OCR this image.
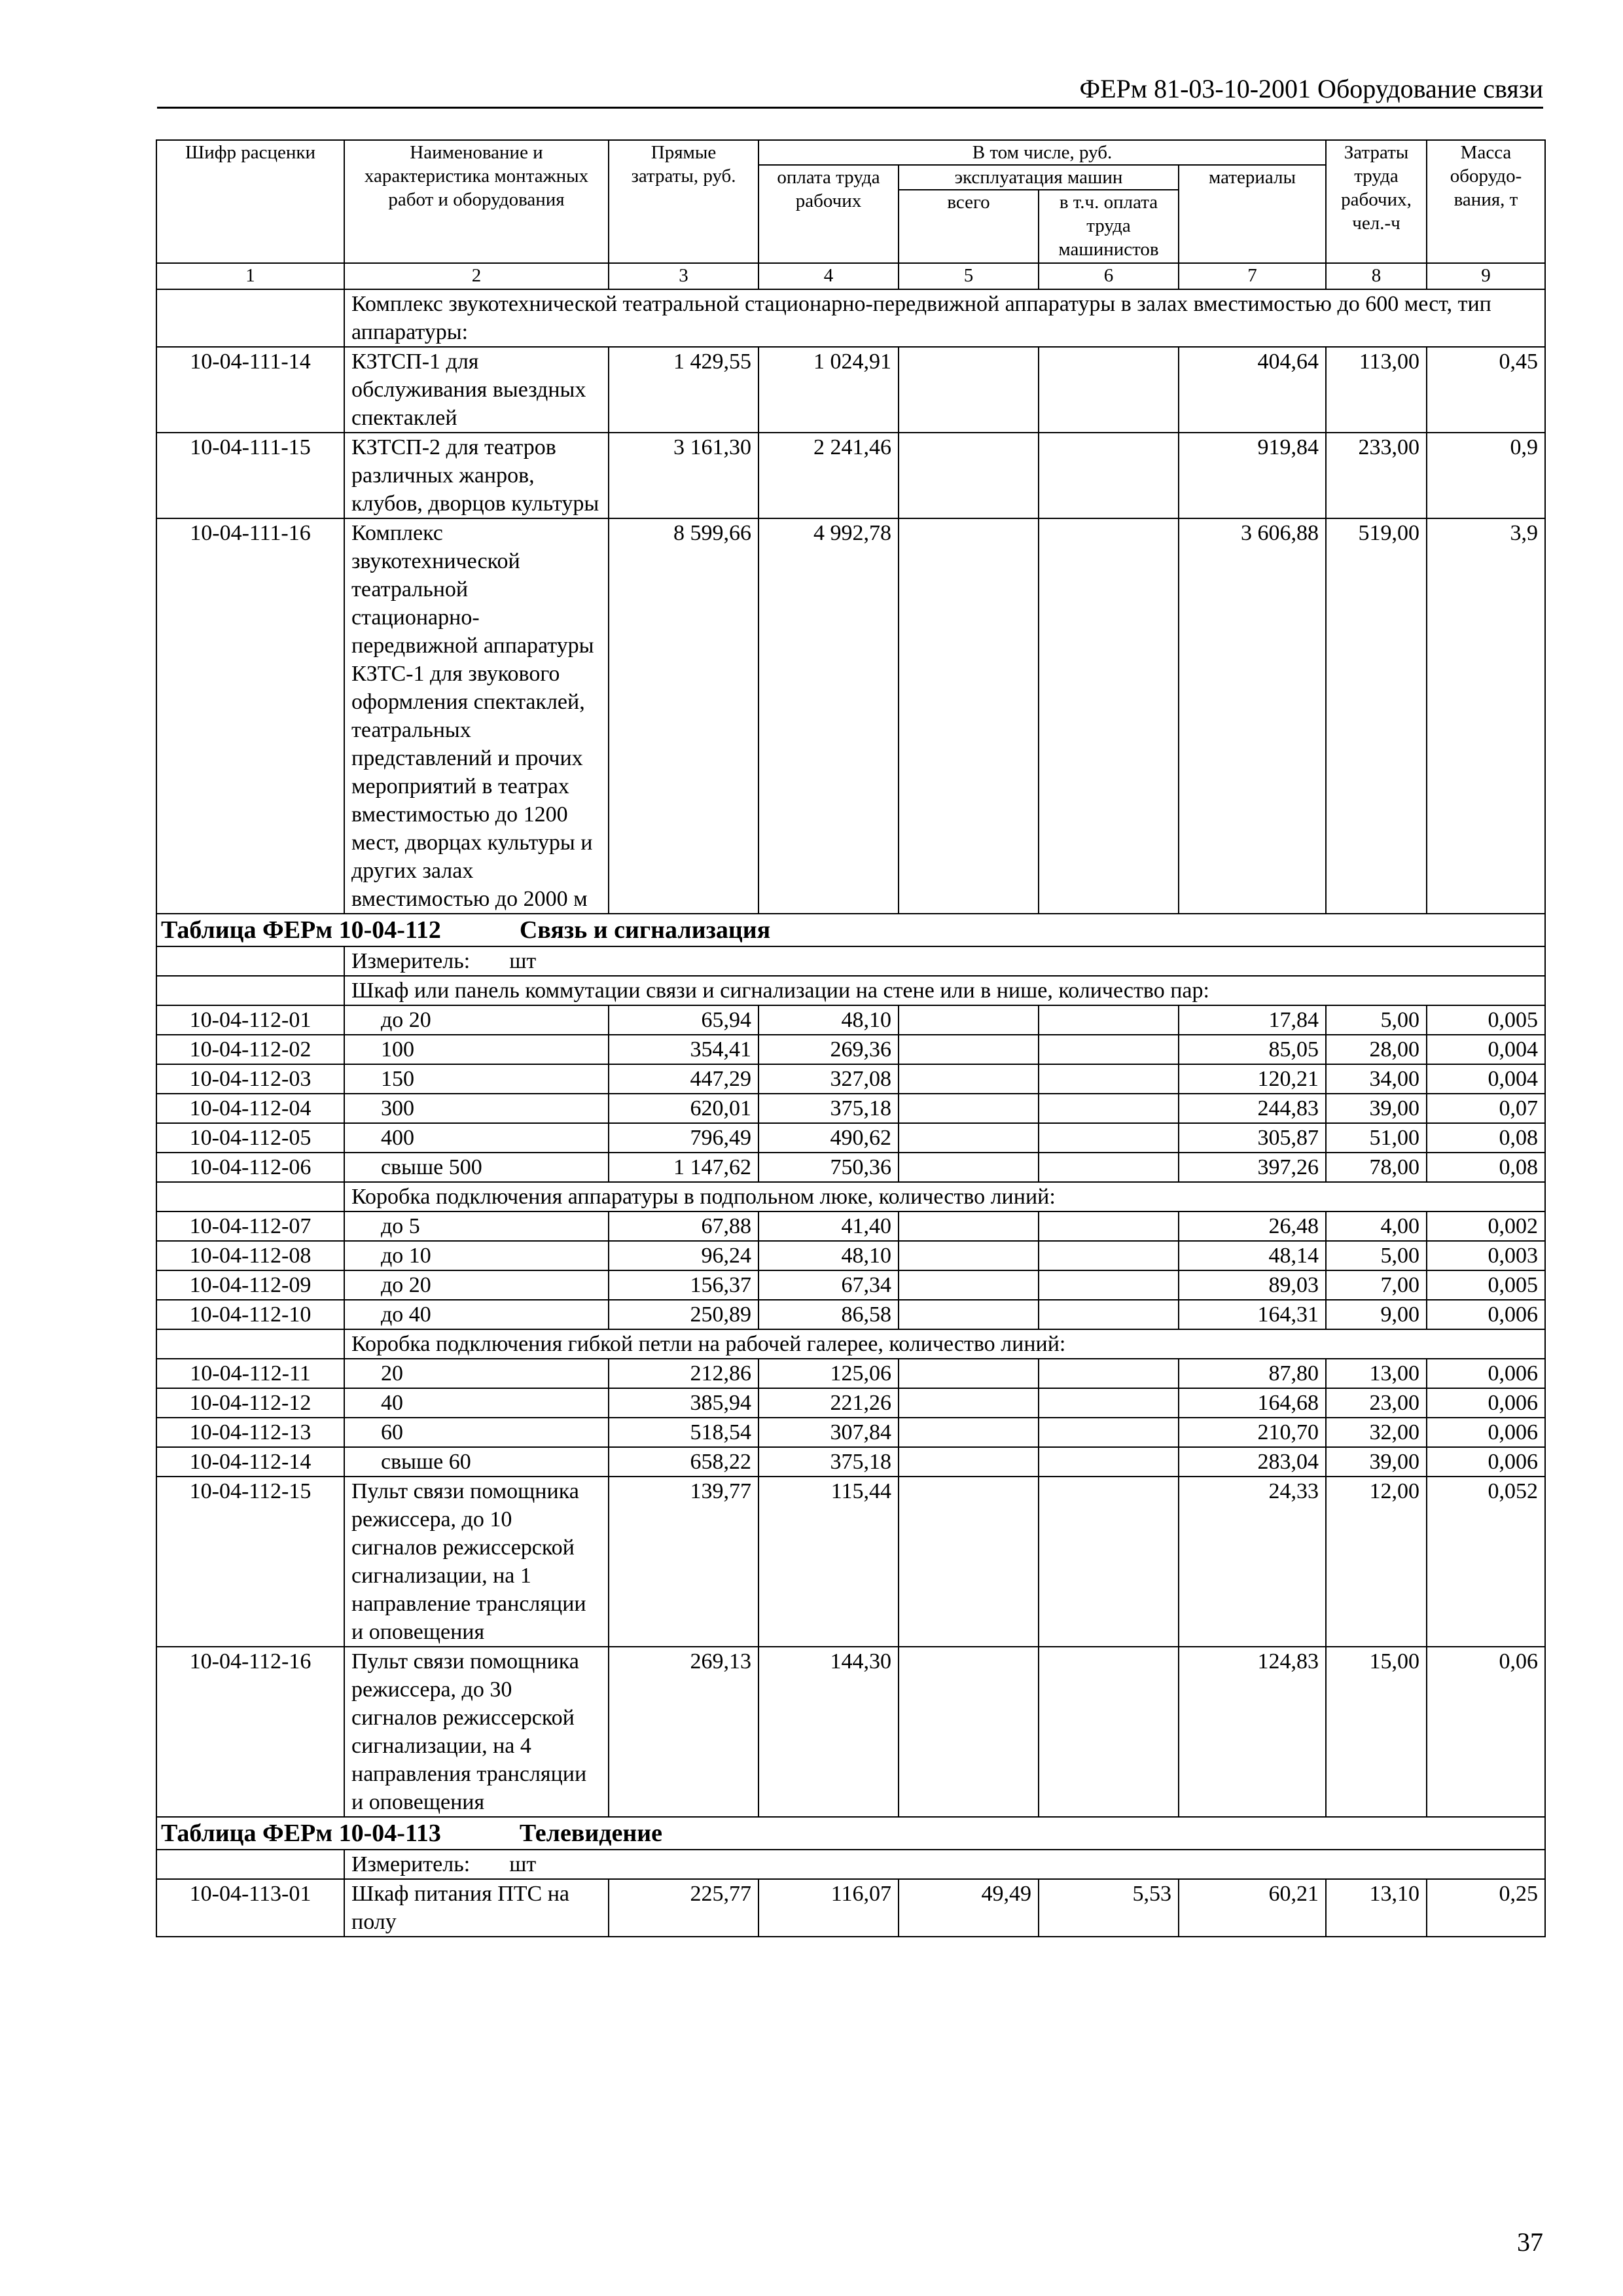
ФЕРм 81-03-10-2001 Оборудование связи
Шифр расценки	Наименование и характеристика монтажных работ и оборудования	Прямые затраты, руб.	В том числе, руб.				Затраты труда рабочих, чел.-ч	Масса оборудо-вания, т
			оплата труда рабочих	эксплуатация машин		материалы		
				всего	в т.ч. оплата труда машинистов			
1	2	3	4	5	6	7	8	9
	Комплекс звукотехнической театральной стационарно-передвижной аппаратуры в залах вместимостью до 600 мест, тип аппаратуры:							
10-04-111-14	КЗТСП-1 для обслуживания выездных спектаклей	1 429,55	1 024,91			404,64	113,00	0,45
10-04-111-15	КЗТСП-2 для театров различных жанров, клубов, дворцов культуры	3 161,30	2 241,46			919,84	233,00	0,9
10-04-111-16	Комплекс звукотехнической театральной стационарно-передвижной аппаратуры КЗТС-1 для звукового оформления спектаклей, театральных представлений и прочих мероприятий в театрах вместимостью до 1200 мест, дворцах культуры и других залах вместимостью до 2000 м	8 599,66	4 992,78			3 606,88	519,00	3,9
Таблица ФЕРм 10-04-112 Связь и сигнализация								
	Измеритель: шт							
	Шкаф или панель коммутации связи и сигнализации на стене или в нише, количество пар:							
10-04-112-01	до 20	65,94	48,10			17,84	5,00	0,005
10-04-112-02	100	354,41	269,36			85,05	28,00	0,004
10-04-112-03	150	447,29	327,08			120,21	34,00	0,004
10-04-112-04	300	620,01	375,18			244,83	39,00	0,07
10-04-112-05	400	796,49	490,62			305,87	51,00	0,08
10-04-112-06	свыше 500	1 147,62	750,36			397,26	78,00	0,08
	Коробка подключения аппаратуры в подпольном люке, количество линий:							
10-04-112-07	до 5	67,88	41,40			26,48	4,00	0,002
10-04-112-08	до 10	96,24	48,10			48,14	5,00	0,003
10-04-112-09	до 20	156,37	67,34			89,03	7,00	0,005
10-04-112-10	до 40	250,89	86,58			164,31	9,00	0,006
	Коробка подключения гибкой петли на рабочей галерее, количество линий:							
10-04-112-11	20	212,86	125,06			87,80	13,00	0,006
10-04-112-12	40	385,94	221,26			164,68	23,00	0,006
10-04-112-13	60	518,54	307,84			210,70	32,00	0,006
10-04-112-14	свыше 60	658,22	375,18			283,04	39,00	0,006
10-04-112-15	Пульт связи помощника режиссера, до 10 сигналов режиссерской сигнализации, на 1 направление трансляции и оповещения	139,77	115,44			24,33	12,00	0,052
10-04-112-16	Пульт связи помощника режиссера, до 30 сигналов режиссерской сигнализации, на 4 направления трансляции и оповещения	269,13	144,30			124,83	15,00	0,06
Таблица ФЕРм 10-04-113 Телевидение								
	Измеритель: шт							
10-04-113-01	Шкаф питания ПТС на полу	225,77	116,07	49,49	5,53	60,21	13,10	0,25
37
